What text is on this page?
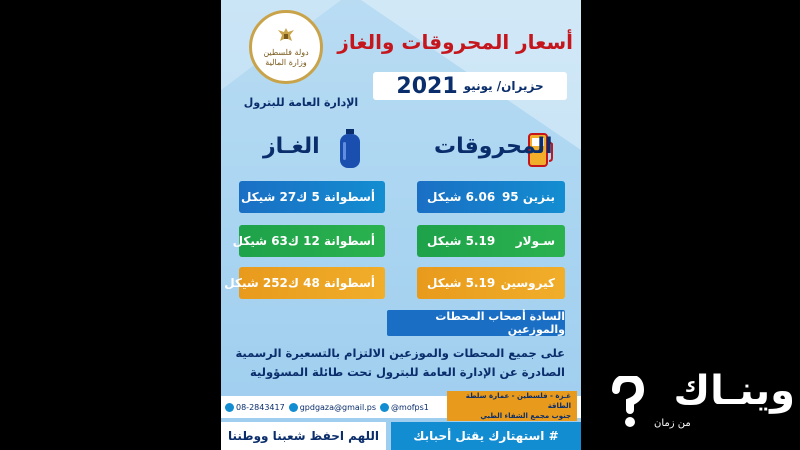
دولة فلسطين
وزارة المالية
الإدارة العامة للبترول
أسعار المحروقات والغاز
حزيران/ يونيو
2021
المحروقات
الغـاز
بنزين 95
6.06 شيكل
سـولار
5.19 شيكل
كيروسين
5.19 شيكل
أسطوانة 5 ك
27 شيكل
أسطوانة 12 ك
63 شيكل
أسطوانة 48 ك
252 شيكل
السادة أصحاب المحطات والموزعين
على جميع المحطات والموزعين الالتزام بالتسعيرة الرسمية
الصادرة عن الإدارة العامة للبترول تحت طائلة المسؤولية
08-2843417 gpdgaza@gmail.ps @mofps1
غـزة - فلسطين - عمارة سلطة الطاقة
جنوب مجمع الشفاء الطبي
اللهم احفظ شعبنا ووطننا	# استهتارك يقتل أحبابك
وينـاك
من زمان
